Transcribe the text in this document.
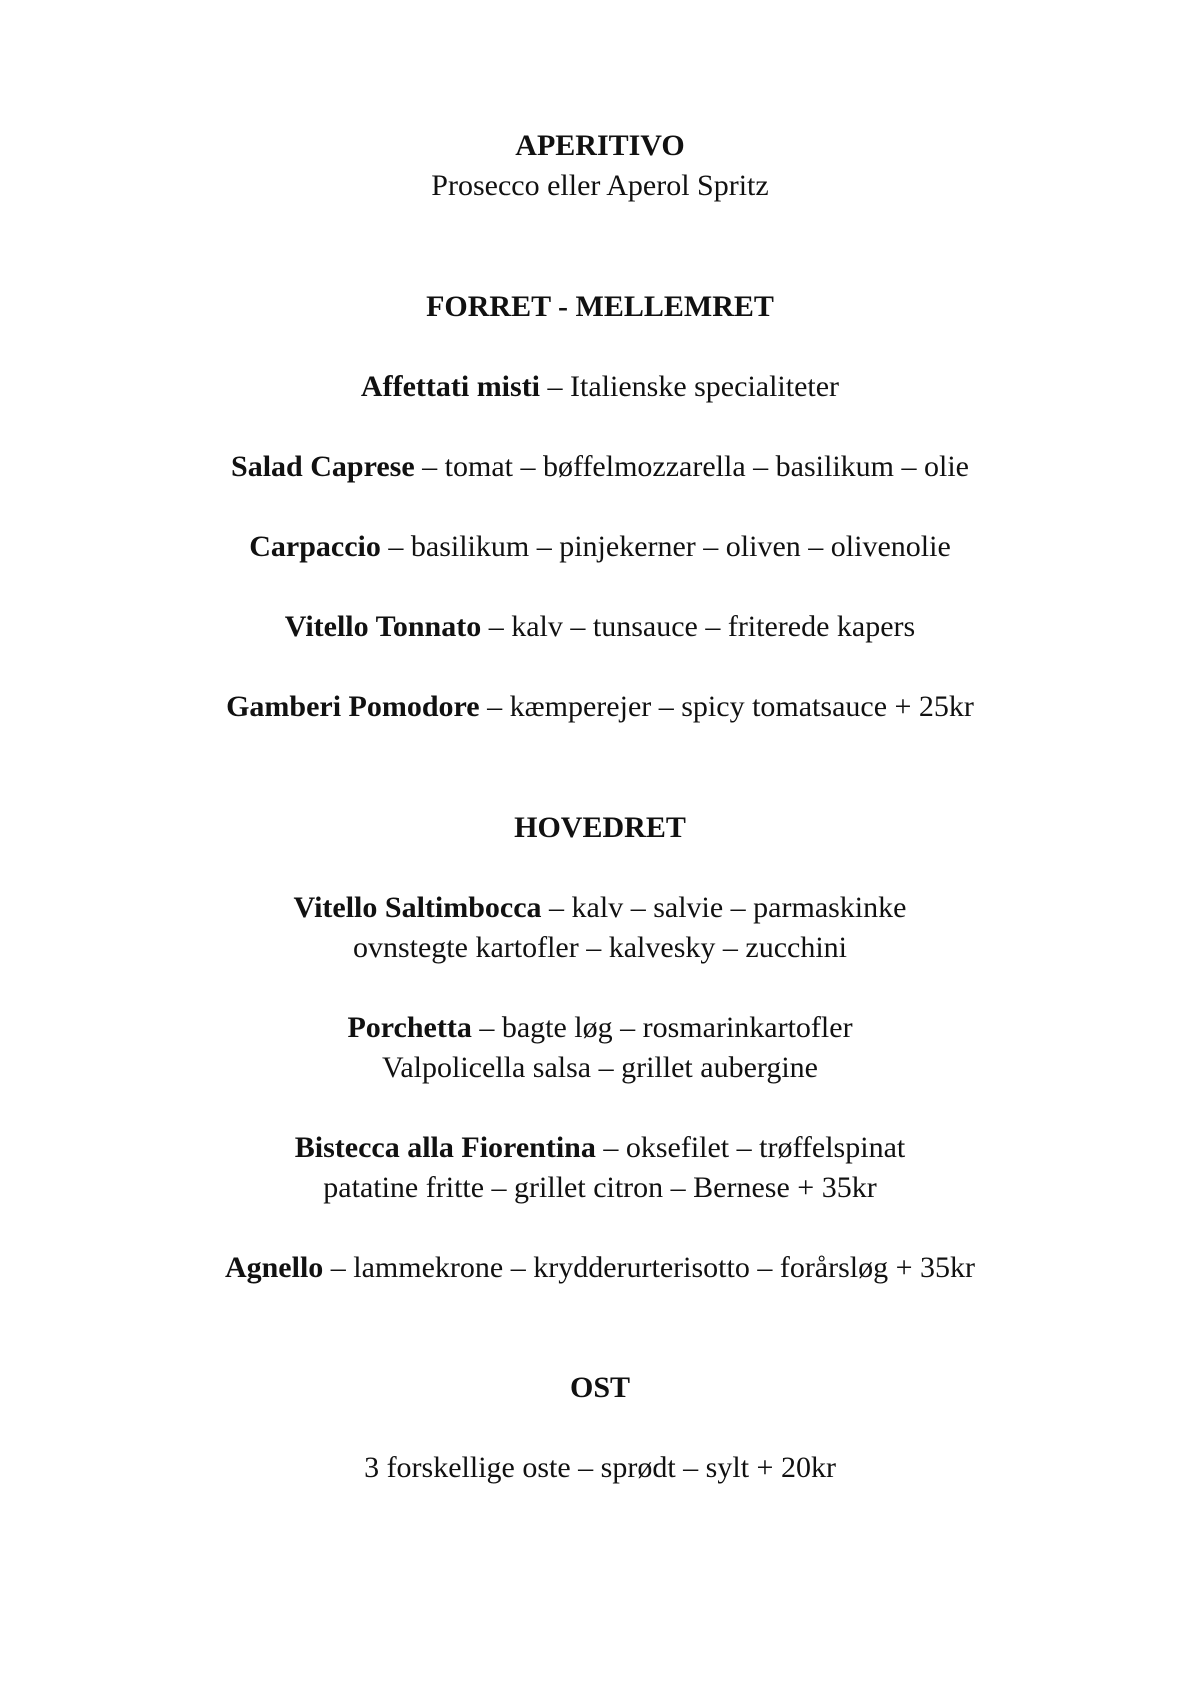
APERITIVO
Prosecco eller Aperol Spritz
FORRET - MELLEMRET
Affettati misti – Italienske specialiteter
Salad Caprese – tomat – bøffelmozzarella – basilikum – olie
Carpaccio – basilikum – pinjekerner – oliven – olivenolie
Vitello Tonnato – kalv – tunsauce – friterede kapers
Gamberi Pomodore – kæmperejer – spicy tomatsauce + 25kr
HOVEDRET
Vitello Saltimbocca – kalv – salvie – parmaskinke
ovnstegte kartofler – kalvesky – zucchini
Porchetta – bagte løg – rosmarinkartofler
Valpolicella salsa – grillet aubergine
Bistecca alla Fiorentina – oksefilet – trøffelspinat
patatine fritte – grillet citron – Bernese + 35kr
Agnello – lammekrone – krydderurterisotto – forårsløg + 35kr
OST
3 forskellige oste – sprødt – sylt + 20kr
